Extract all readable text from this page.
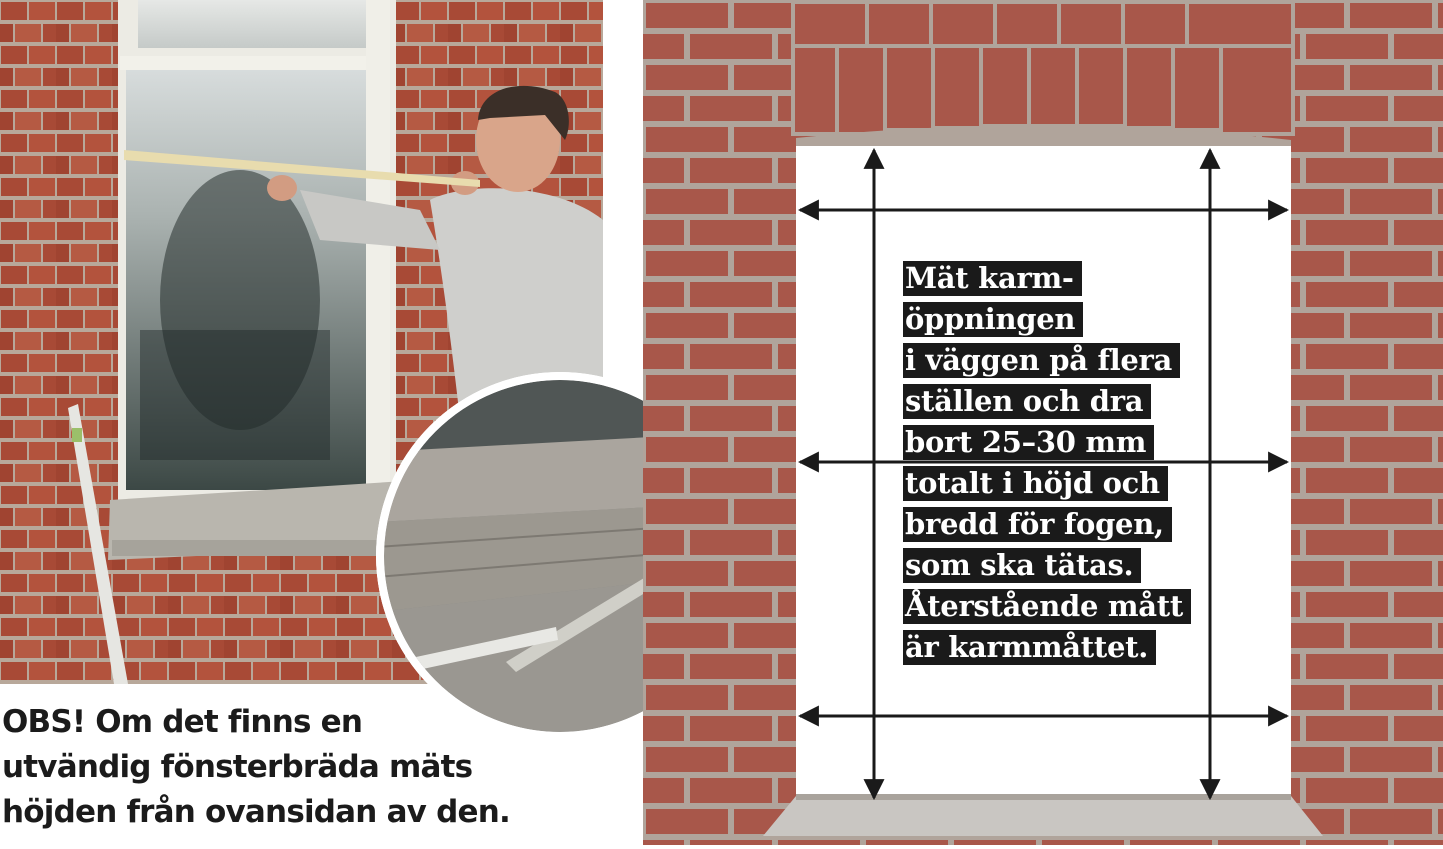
OBS! Om det finns en
utvändig fönsterbräda mäts
höjden från ovansidan av den.

Mät karm-
öppningen
i väggen på flera
ställen och dra
bort 25–30 mm
totalt i höjd och
bredd för fogen,
som ska tätas.
Återstående mått
är karmmåttet.
